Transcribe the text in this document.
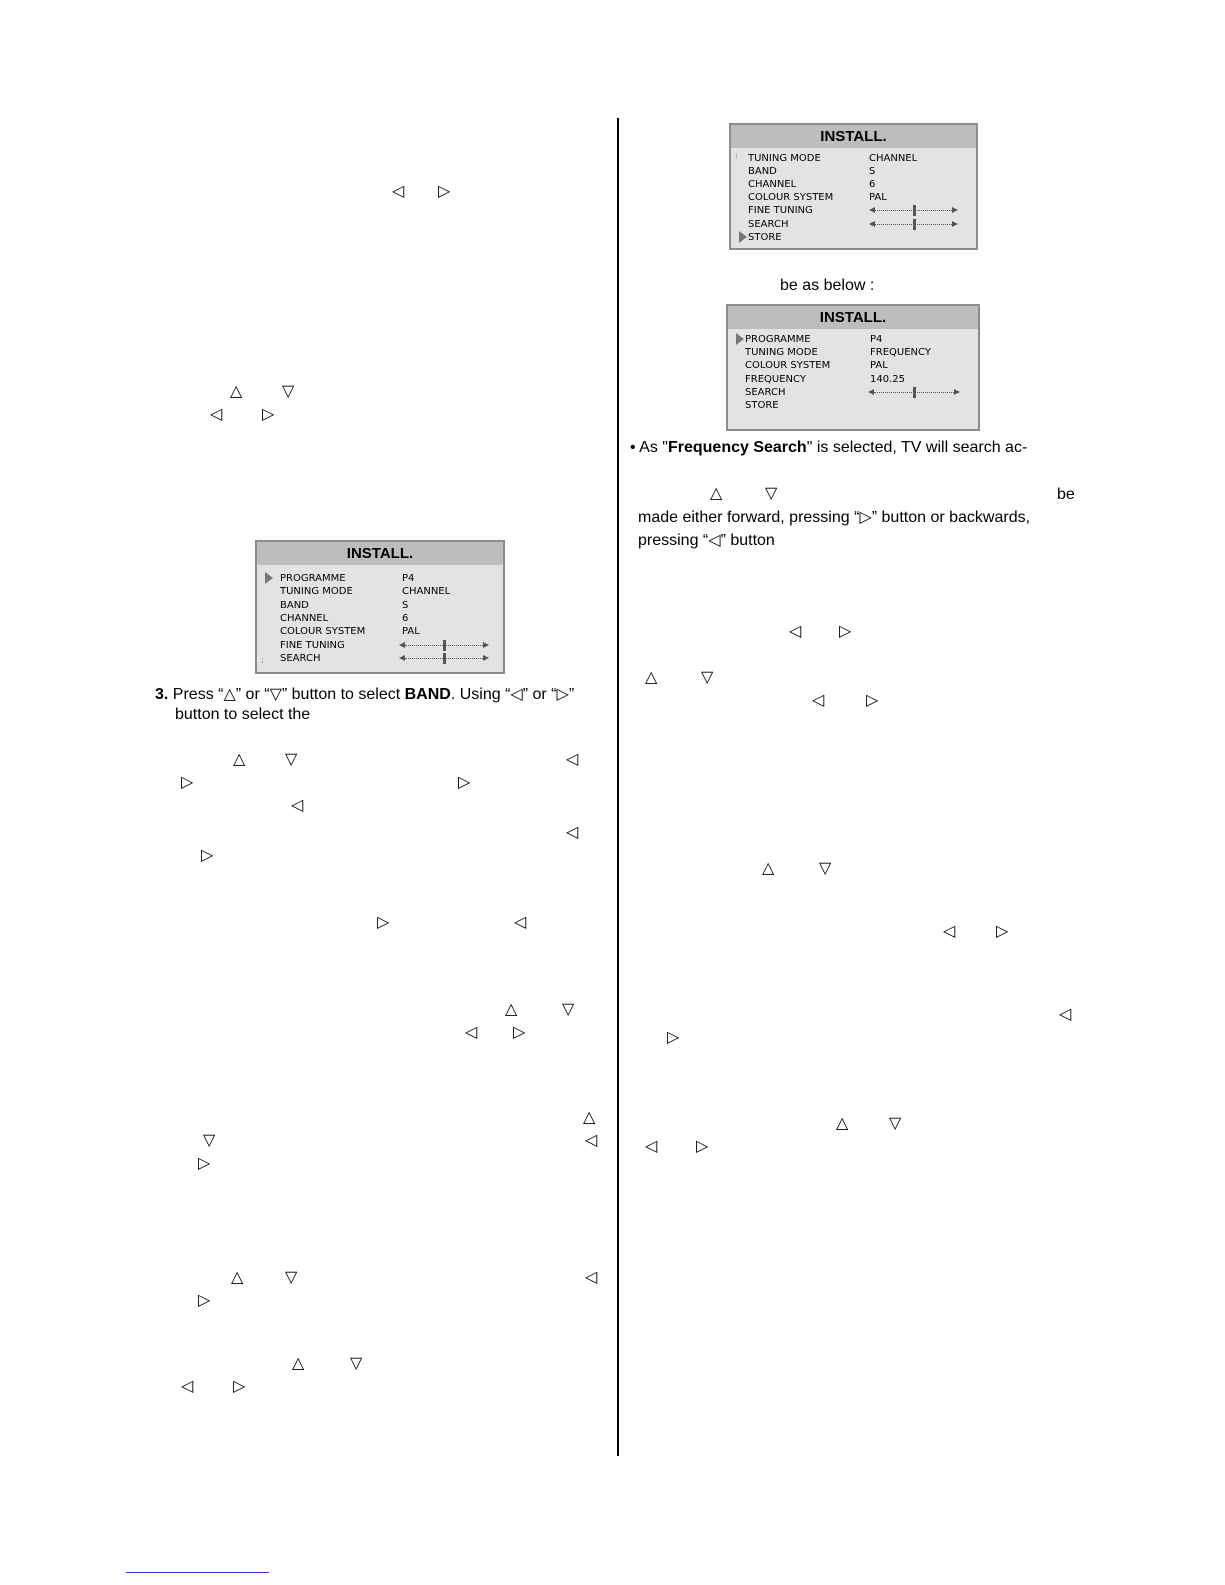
◁ ▷
△ ▽
◁ ▷
△ ▽	◁
▷	▷
◁
◁
▷
▷	◁
△	▽
◁ ▷
△
▽	◁
▷
△	▽	◁
▷
△	▽
◁ ▷
△	▽
◁ ▷
△	▽
◁	▷
△	▽
◁	▷
◁
▷
△	▽
◁ ▷
INSTALL.
PROGRAMME	P4
TUNING MODE	CHANNEL
BAND	S
CHANNEL	6
COLOUR SYSTEM	PAL
FINE TUNING
SEARCH
↓
3. Press “△” or “▽” button to select BAND. Using “◁” or “▷”
button to select the
INSTALL.
TUNING MODE	CHANNEL
BAND	S
CHANNEL	6
COLOUR SYSTEM	PAL
FINE TUNING
SEARCH
STORE
↑
be as below :
INSTALL.
PROGRAMME	P4
TUNING MODE	FREQUENCY
COLOUR SYSTEM	PAL
FREQUENCY	140.25
SEARCH
STORE
• As "Frequency Search" is selected, TV will search ac-
be
made either forward, pressing “▷” button or backwards,
pressing “◁” button
